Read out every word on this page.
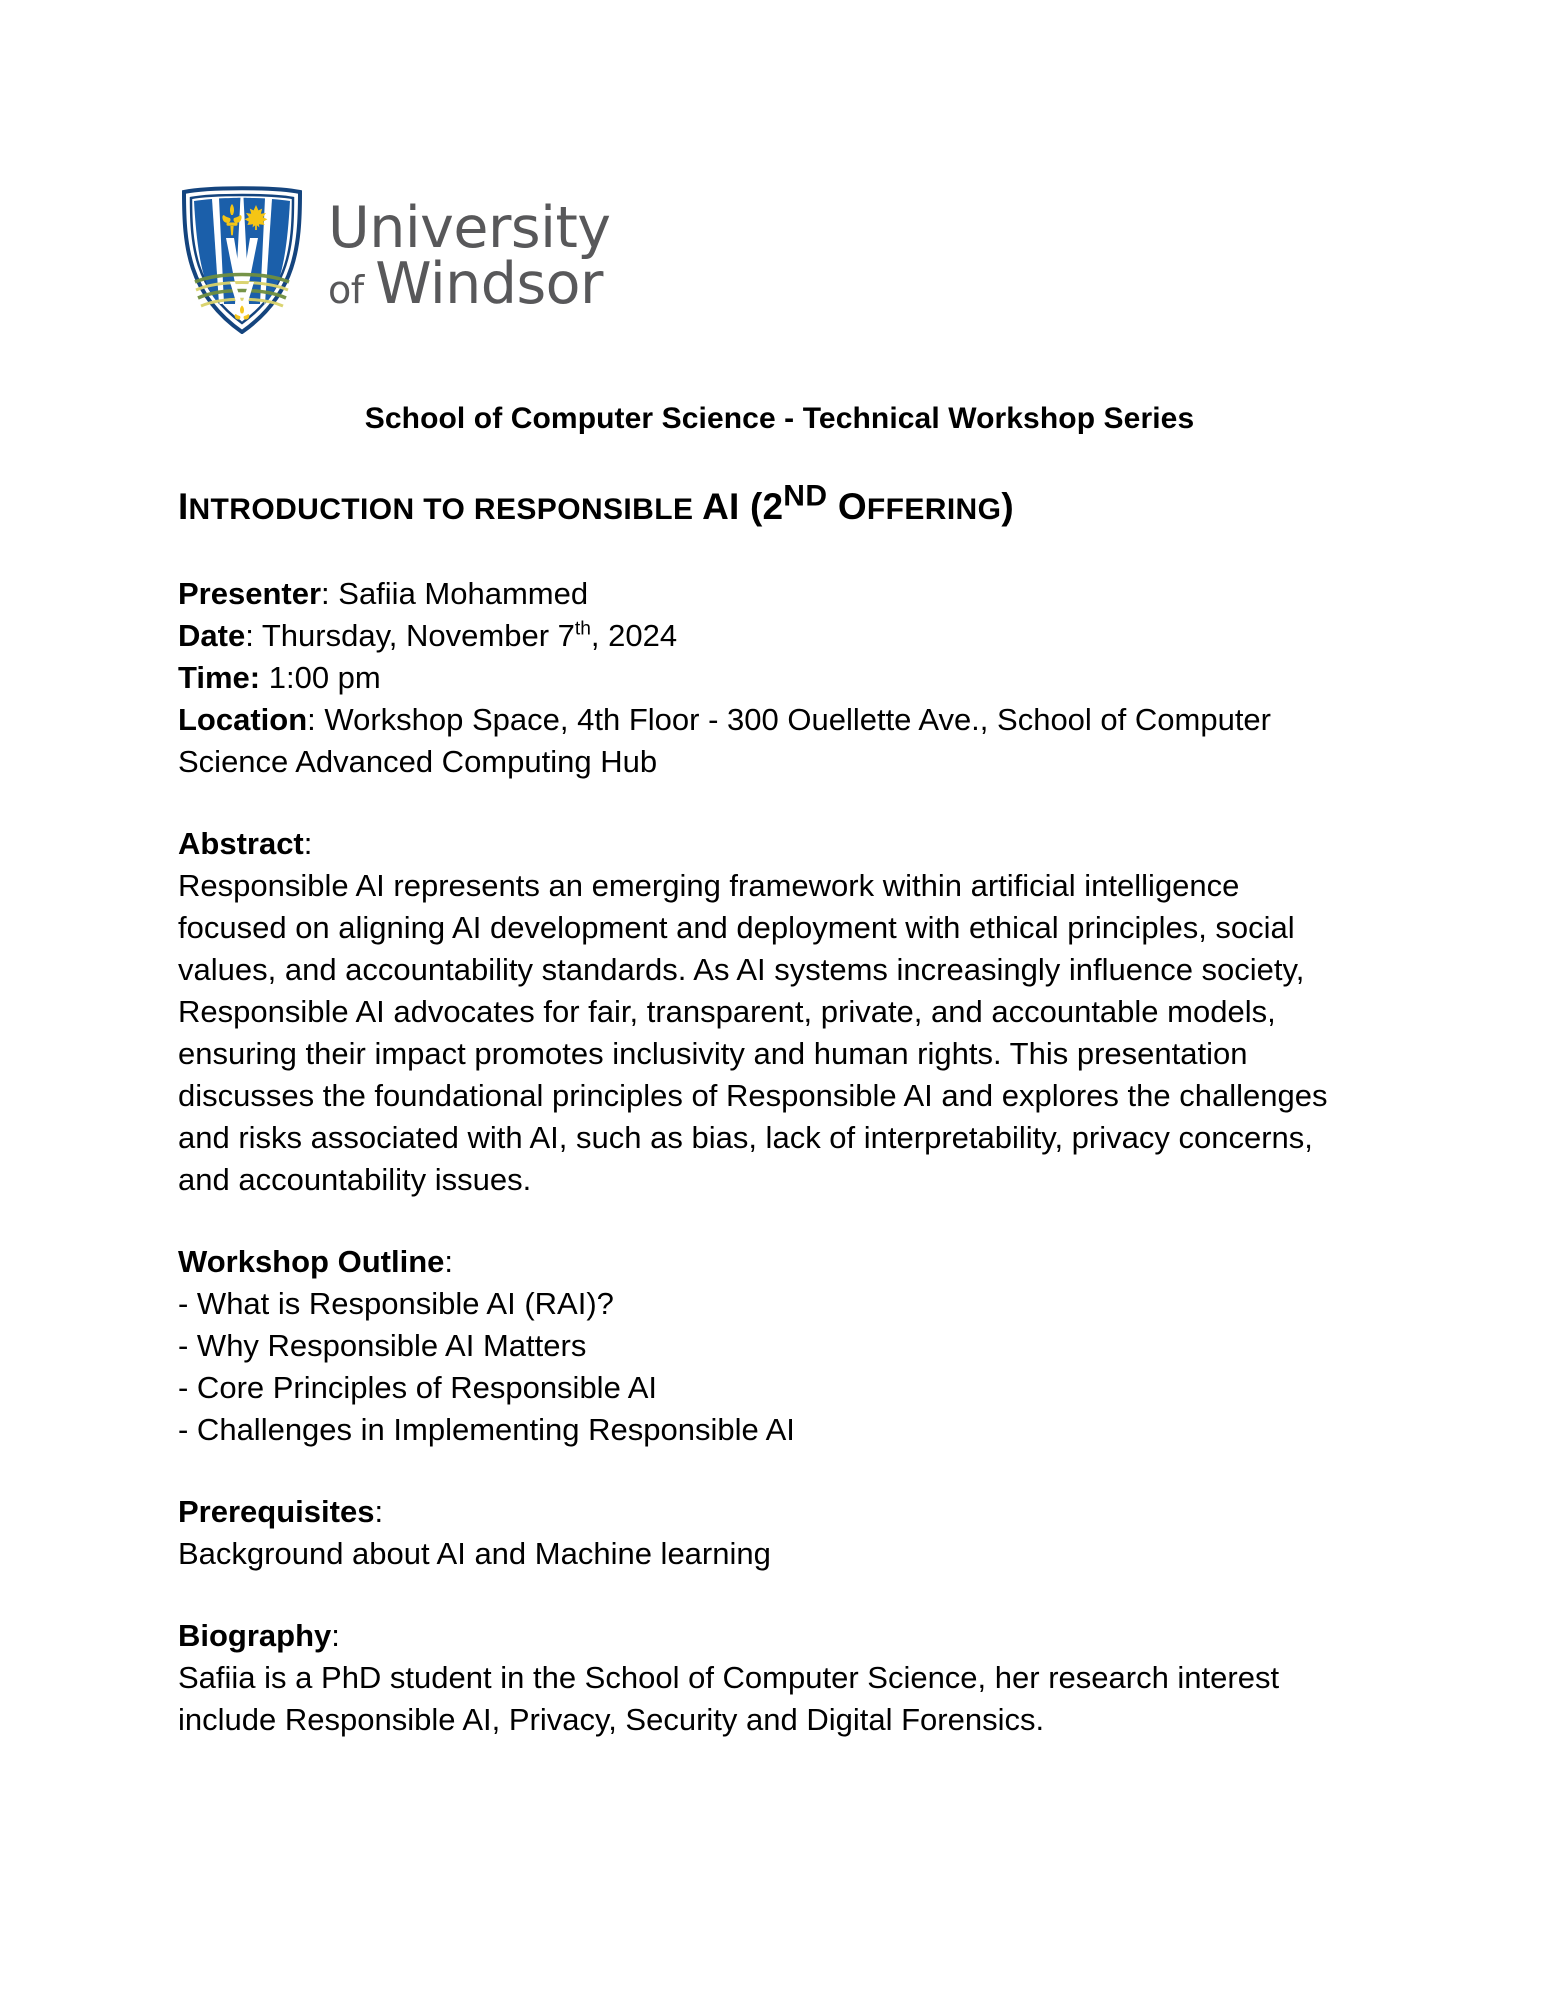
University
of Windsor
School of Computer Science - Technical Workshop Series
INTRODUCTION TO RESPONSIBLE AI (2ND OFFERING)
Presenter: Safiia Mohammed
Date: Thursday, November 7th, 2024
Time: 1:00 pm
Location: Workshop Space, 4th Floor - 300 Ouellette Ave., School of Computer Science Advanced Computing Hub
Abstract:
Responsible AI represents an emerging framework within artificial intelligence focused on aligning AI development and deployment with ethical principles, social values, and accountability standards. As AI systems increasingly influence society, Responsible AI advocates for fair, transparent, private, and accountable models, ensuring their impact promotes inclusivity and human rights. This presentation discusses the foundational principles of Responsible AI and explores the challenges and risks associated with AI, such as bias, lack of interpretability, privacy concerns, and accountability issues.
Workshop Outline:
- What is Responsible AI (RAI)?
- Why Responsible AI Matters
- Core Principles of Responsible AI
- Challenges in Implementing Responsible AI
Prerequisites:
Background about AI and Machine learning
Biography:
Safiia is a PhD student in the School of Computer Science, her research interest include Responsible AI, Privacy, Security and Digital Forensics.
